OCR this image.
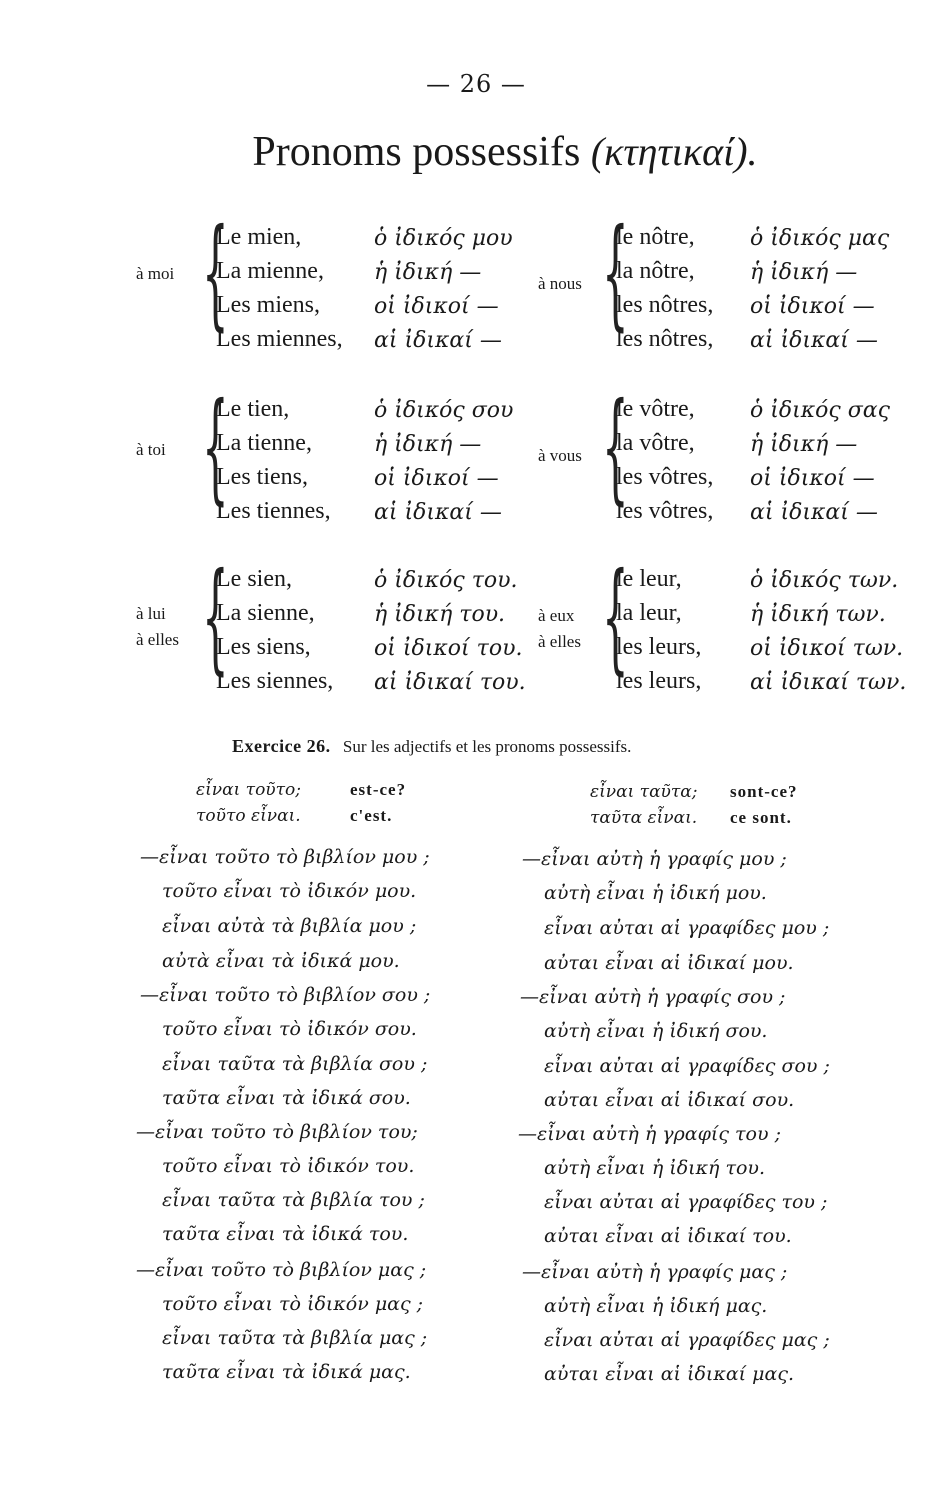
— 26 —
Pronoms possessifs (κτητικαί).
à moi {
Le mien,	ὁ ἰδικός μου
La mienne, ἡ ἰδική —
Les miens, οἱ ἰδικοί —
Les miennes, αἱ ἰδικαί —
à nous {
le nôtre,	ὁ ἰδικός μας
la nôtre,	ἡ ἰδική —
les nôtres, οἱ ἰδικοί —
les nôtres, αἱ ἰδικαί —
à toi {
Le tien,	ὁ ἰδικός σου
La tienne,	ἡ ἰδική —
Les tiens,	οἱ ἰδικοί —
Les tiennes, αἱ ἰδικαί —
à vous {
le vôtre,	ὁ ἰδικός σας
la vôtre,	ἡ ἰδική —
les vôtres, οἱ ἰδικοί —
les vôtres, αἱ ἰδικαί —
à lui
à elles {
Le sien,	ὁ ἰδικός του.
La sienne,	ἡ ἰδική του.
Les siens,	οἱ ἰδικοί του.
Les siennes, αἱ ἰδικαί του.
à eux
à elles {
le leur,	ὁ ἰδικός των.
la leur,	ἡ ἰδική των.
les leurs, οἱ ἰδικοί των.
les leurs, αἱ ἰδικαί των.
Exercice 26. Sur les adjectifs et les pronoms possessifs.
εἶναι τοῦτο;	est-ce?
τοῦτο εἶναι.	c'est.
εἶναι ταῦτα; sont-ce?
ταῦτα εἶναι. ce sont.
—εἶναι τοῦτο τὸ βιβλίον μου ;
τοῦτο εἶναι τὸ ἰδικόν μου.
εἶναι αὐτὰ τὰ βιβλία μου ;
αὐτὰ εἶναι τὰ ἰδικά μου.
—εἶναι τοῦτο τὸ βιβλίον σου ;
τοῦτο εἶναι τὸ ἰδικόν σου.
εἶναι ταῦτα τὰ βιβλία σου ;
ταῦτα εἶναι τὰ ἰδικά σου.
—εἶναι τοῦτο τὸ βιβλίον του;
τοῦτο εἶναι τὸ ἰδικόν του.
εἶναι ταῦτα τὰ βιβλία του ;
ταῦτα εἶναι τὰ ἰδικά του.
—εἶναι τοῦτο τὸ βιβλίον μας ;
τοῦτο εἶναι τὸ ἰδικόν μας ;
εἶναι ταῦτα τὰ βιβλία μας ;
ταῦτα εἶναι τὰ ἰδικά μας.
—εἶναι αὐτὴ ἡ γραφίς μου ;
αὐτὴ εἶναι ἡ ἰδική μου.
εἶναι αὐται αἱ γραφίδες μου ;
αὐται εἶναι αἱ ἰδικαί μου.
—εἶναι αὐτὴ ἡ γραφίς σου ;
αὐτὴ εἶναι ἡ ἰδική σου.
εἶναι αὐται αἱ γραφίδες σου ;
αὐται εἶναι αἱ ἰδικαί σου.
—εἶναι αὐτὴ ἡ γραφίς του ;
αὐτὴ εἶναι ἡ ἰδική του.
εἶναι αὐται αἱ γραφίδες του ;
αὐται εἶναι αἱ ἰδικαί του.
—εἶναι αὐτὴ ἡ γραφίς μας ;
αὐτὴ εἶναι ἡ ἰδική μας.
εἶναι αὐται αἱ γραφίδες μας ;
αὐται εἶναι αἱ ἰδικαί μας.
